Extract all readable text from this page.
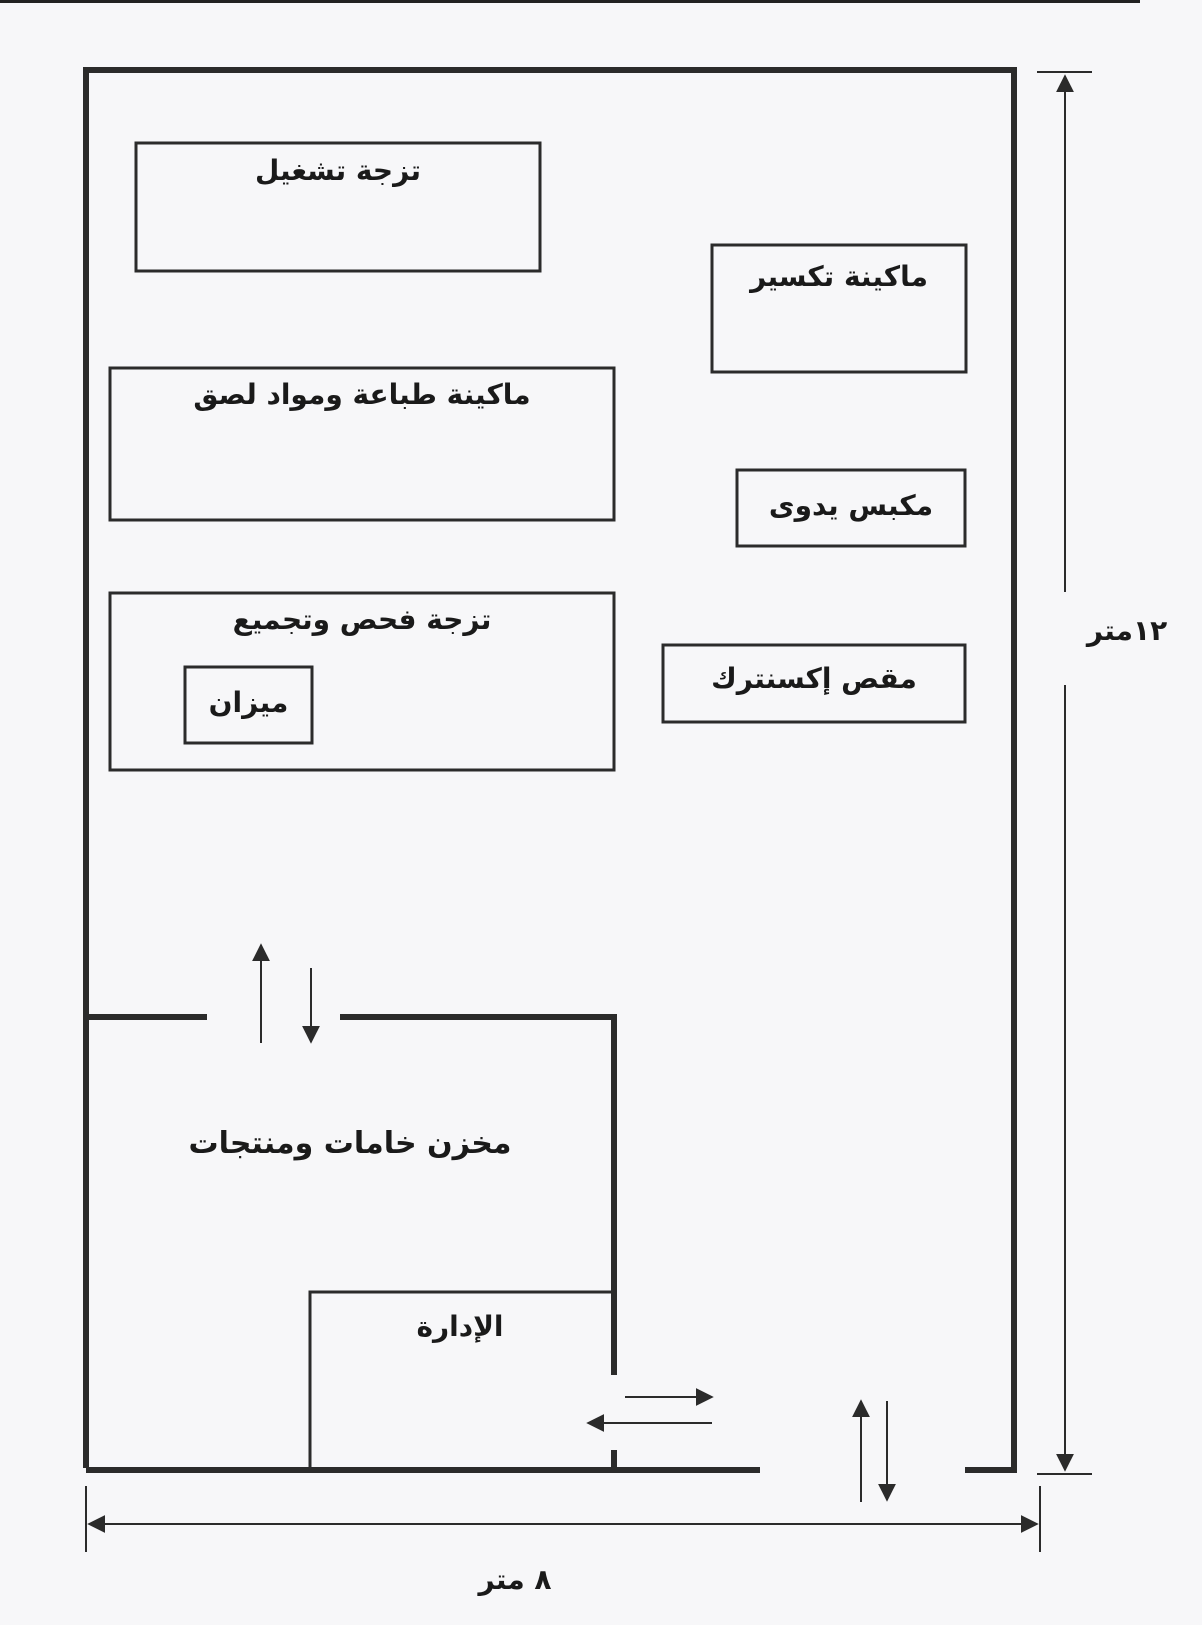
تزجة تشغيل
ماكينة تكسير
ماكينة طباعة ومواد لصق
مكبس يدوى
تزجة فحص وتجميع
ميزان
مقص إكسنترك
مخزن خامات ومنتجات
الإدارة
١٢متر
٨ متر
